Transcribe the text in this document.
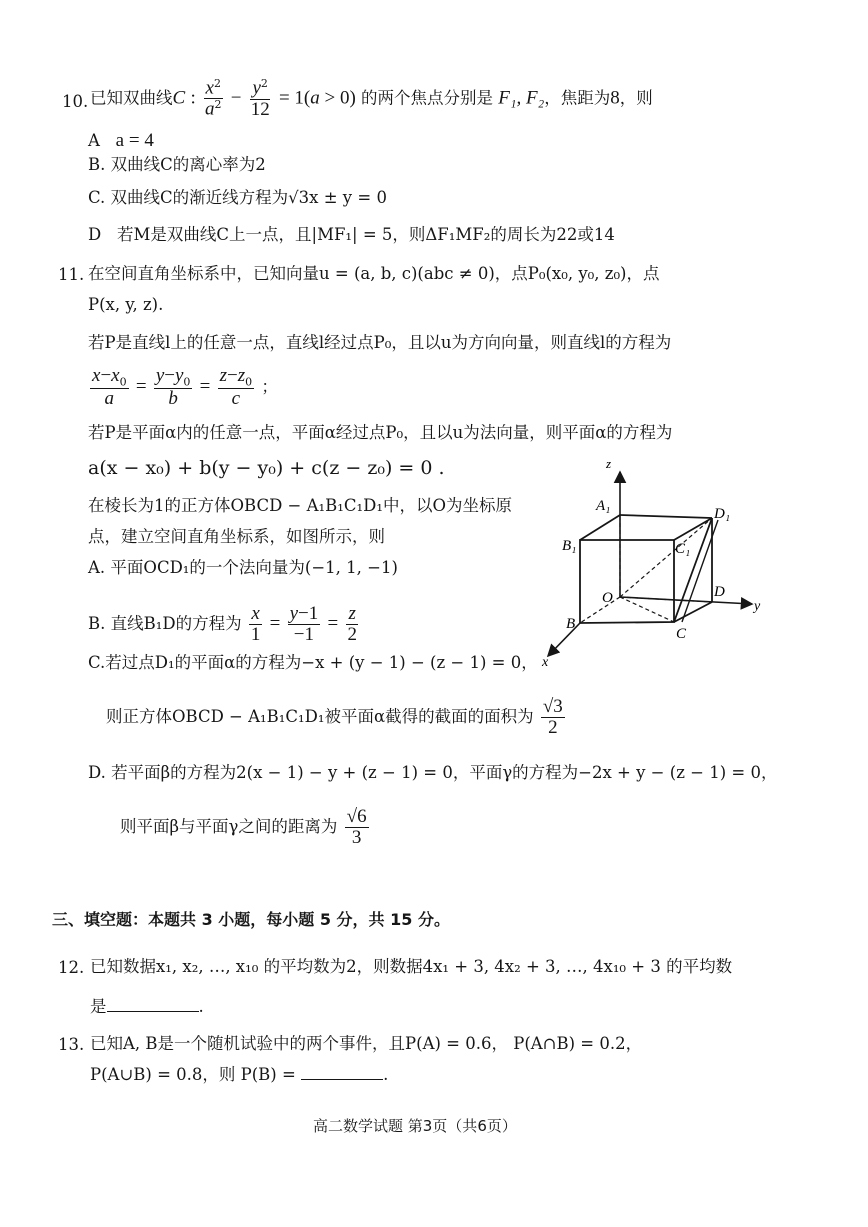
10. 已知双曲线C : $\frac{x^2}{a^2} - \frac{y^2}{12} = 1(a > 0)$ 的两个焦点分别是 F₁, F₂，焦距为8，则
A a = 4
B. 双曲线C的离心率为2
C. 双曲线C的渐近线方程为√3x ± y = 0
D 若M是双曲线C上一点，且|MF₁| = 5，则ΔF₁MF₂的周长为22或14
11. 在空间直角坐标系中，已知向量u = (a, b, c)(abc ≠ 0)，点P₀(x₀, y₀, z₀)，点
P(x, y, z).
若P是直线l上的任意一点，直线l经过点P₀，且以u为方向向量，则直线l的方程为
$\frac{x-x_0}{a} = \frac{y-y_0}{b} = \frac{z-z_0}{c}$ ；
若P是平面α内的任意一点，平面α经过点P₀，且以u为法向量，则平面α的方程为
a(x − x₀) + b(y − y₀) + c(z − z₀) = 0 .
在棱长为1的正方体OBCD − A₁B₁C₁D₁中，以O为坐标原
点，建立空间直角坐标系，如图所示，则
A. 平面OCD₁的一个法向量为(−1, 1, −1)
B. 直线B₁D的方程为 $\frac{x}{1} = \frac{y-1}{-1} = \frac{z}{2}$
C.若过点D₁的平面α的方程为−x + (y − 1) − (z − 1) = 0，
则正方体OBCD − A₁B₁C₁D₁被平面α截得的截面的面积为 $\frac{√3}{2}$
D. 若平面β的方程为2(x − 1) − y + (z − 1) = 0，平面γ的方程为−2x + y − (z − 1) = 0，
则平面β与平面γ之间的距离为 $\frac{√6}{3}$
z
A₁	D₁
B₁	C₁
O	D
y
B
C
x
三、填空题：本题共 3 小题，每小题 5 分，共 15 分。
12. 已知数据x₁, x₂, …, x₁₀ 的平均数为2，则数据4x₁ + 3, 4x₂ + 3, …, 4x₁₀ + 3 的平均数
是	.
13. 已知A, B是一个随机试验中的两个事件，且P(A) = 0.6， P(A∩B) = 0.2，
P(A∪B) = 0.8，则 P(B) =	.
高二数学试题 第3页（共6页）
